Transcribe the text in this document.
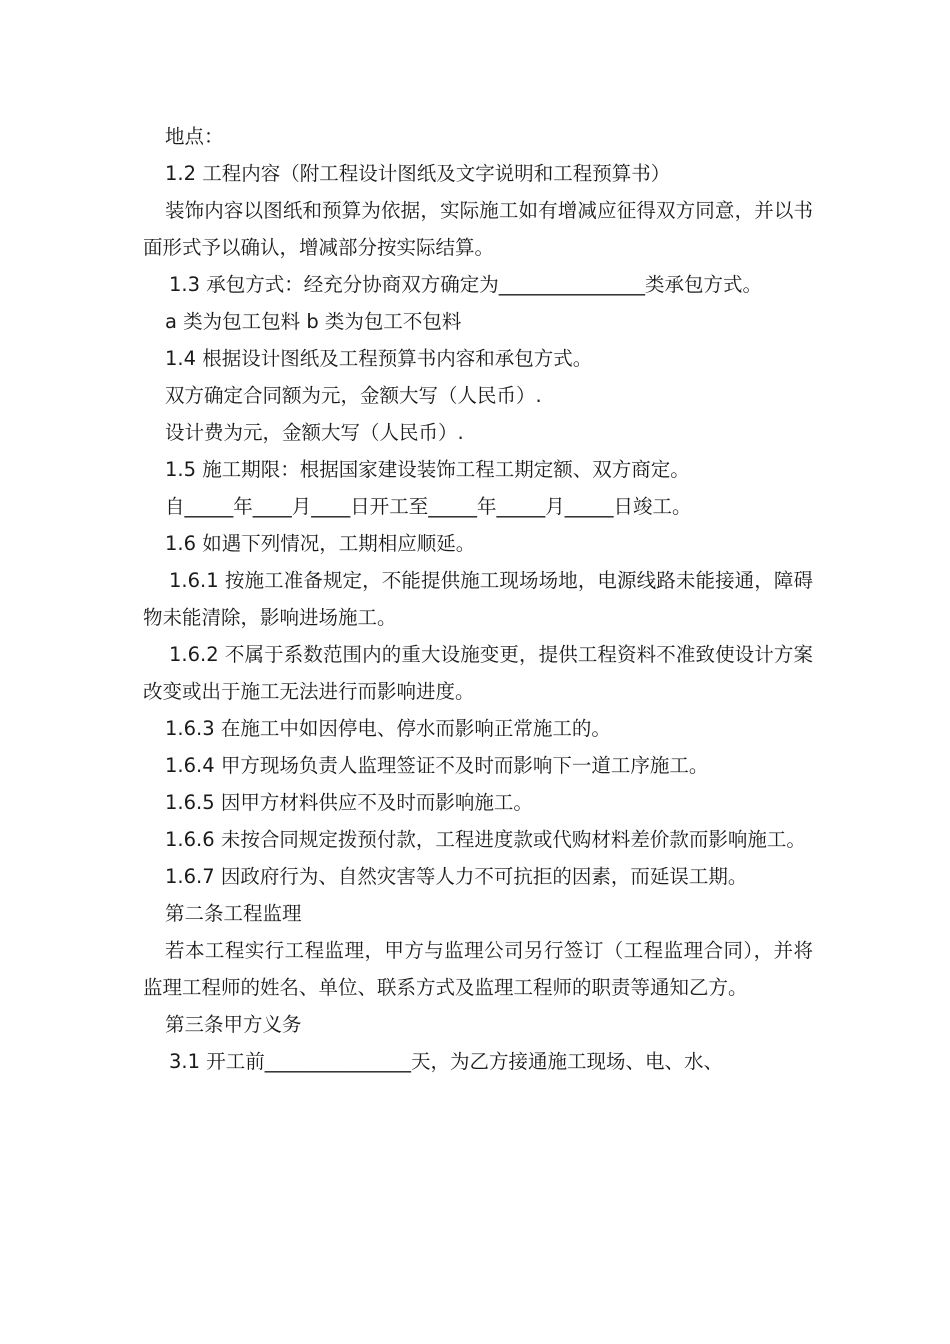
地点：

1.2 工程内容（附工程设计图纸及文字说明和工程预算书）

装饰内容以图纸和预算为依据，实际施工如有增减应征得双方同意，并以书面形式予以确认，增减部分按实际结算。

1.3 承包方式：经充分协商双方确定为_______________类承包方式。

a 类为包工包料 b 类为包工不包料

1.4 根据设计图纸及工程预算书内容和承包方式。

双方确定合同额为元，金额大写（人民币）.

设计费为元，金额大写（人民币）.

1.5 施工期限：根据国家建设装饰工程工期定额、双方商定。

自_____年____月____日开工至_____年_____月_____日竣工。

1.6 如遇下列情况，工期相应顺延。

1.6.1 按施工准备规定，不能提供施工现场场地，电源线路未能接通，障碍物未能清除，影响进场施工。

1.6.2 不属于系数范围内的重大设施变更，提供工程资料不准致使设计方案改变或出于施工无法进行而影响进度。

1.6.3 在施工中如因停电、停水而影响正常施工的。

1.6.4 甲方现场负责人监理签证不及时而影响下一道工序施工。

1.6.5 因甲方材料供应不及时而影响施工。

1.6.6 未按合同规定拨预付款，工程进度款或代购材料差价款而影响施工。

1.6.7 因政府行为、自然灾害等人力不可抗拒的因素，而延误工期。

第二条工程监理

若本工程实行工程监理，甲方与监理公司另行签订（工程监理合同），并将监理工程师的姓名、单位、联系方式及监理工程师的职责等通知乙方。

第三条甲方义务

3.1 开工前_______________天，为乙方接通施工现场、电、水、
